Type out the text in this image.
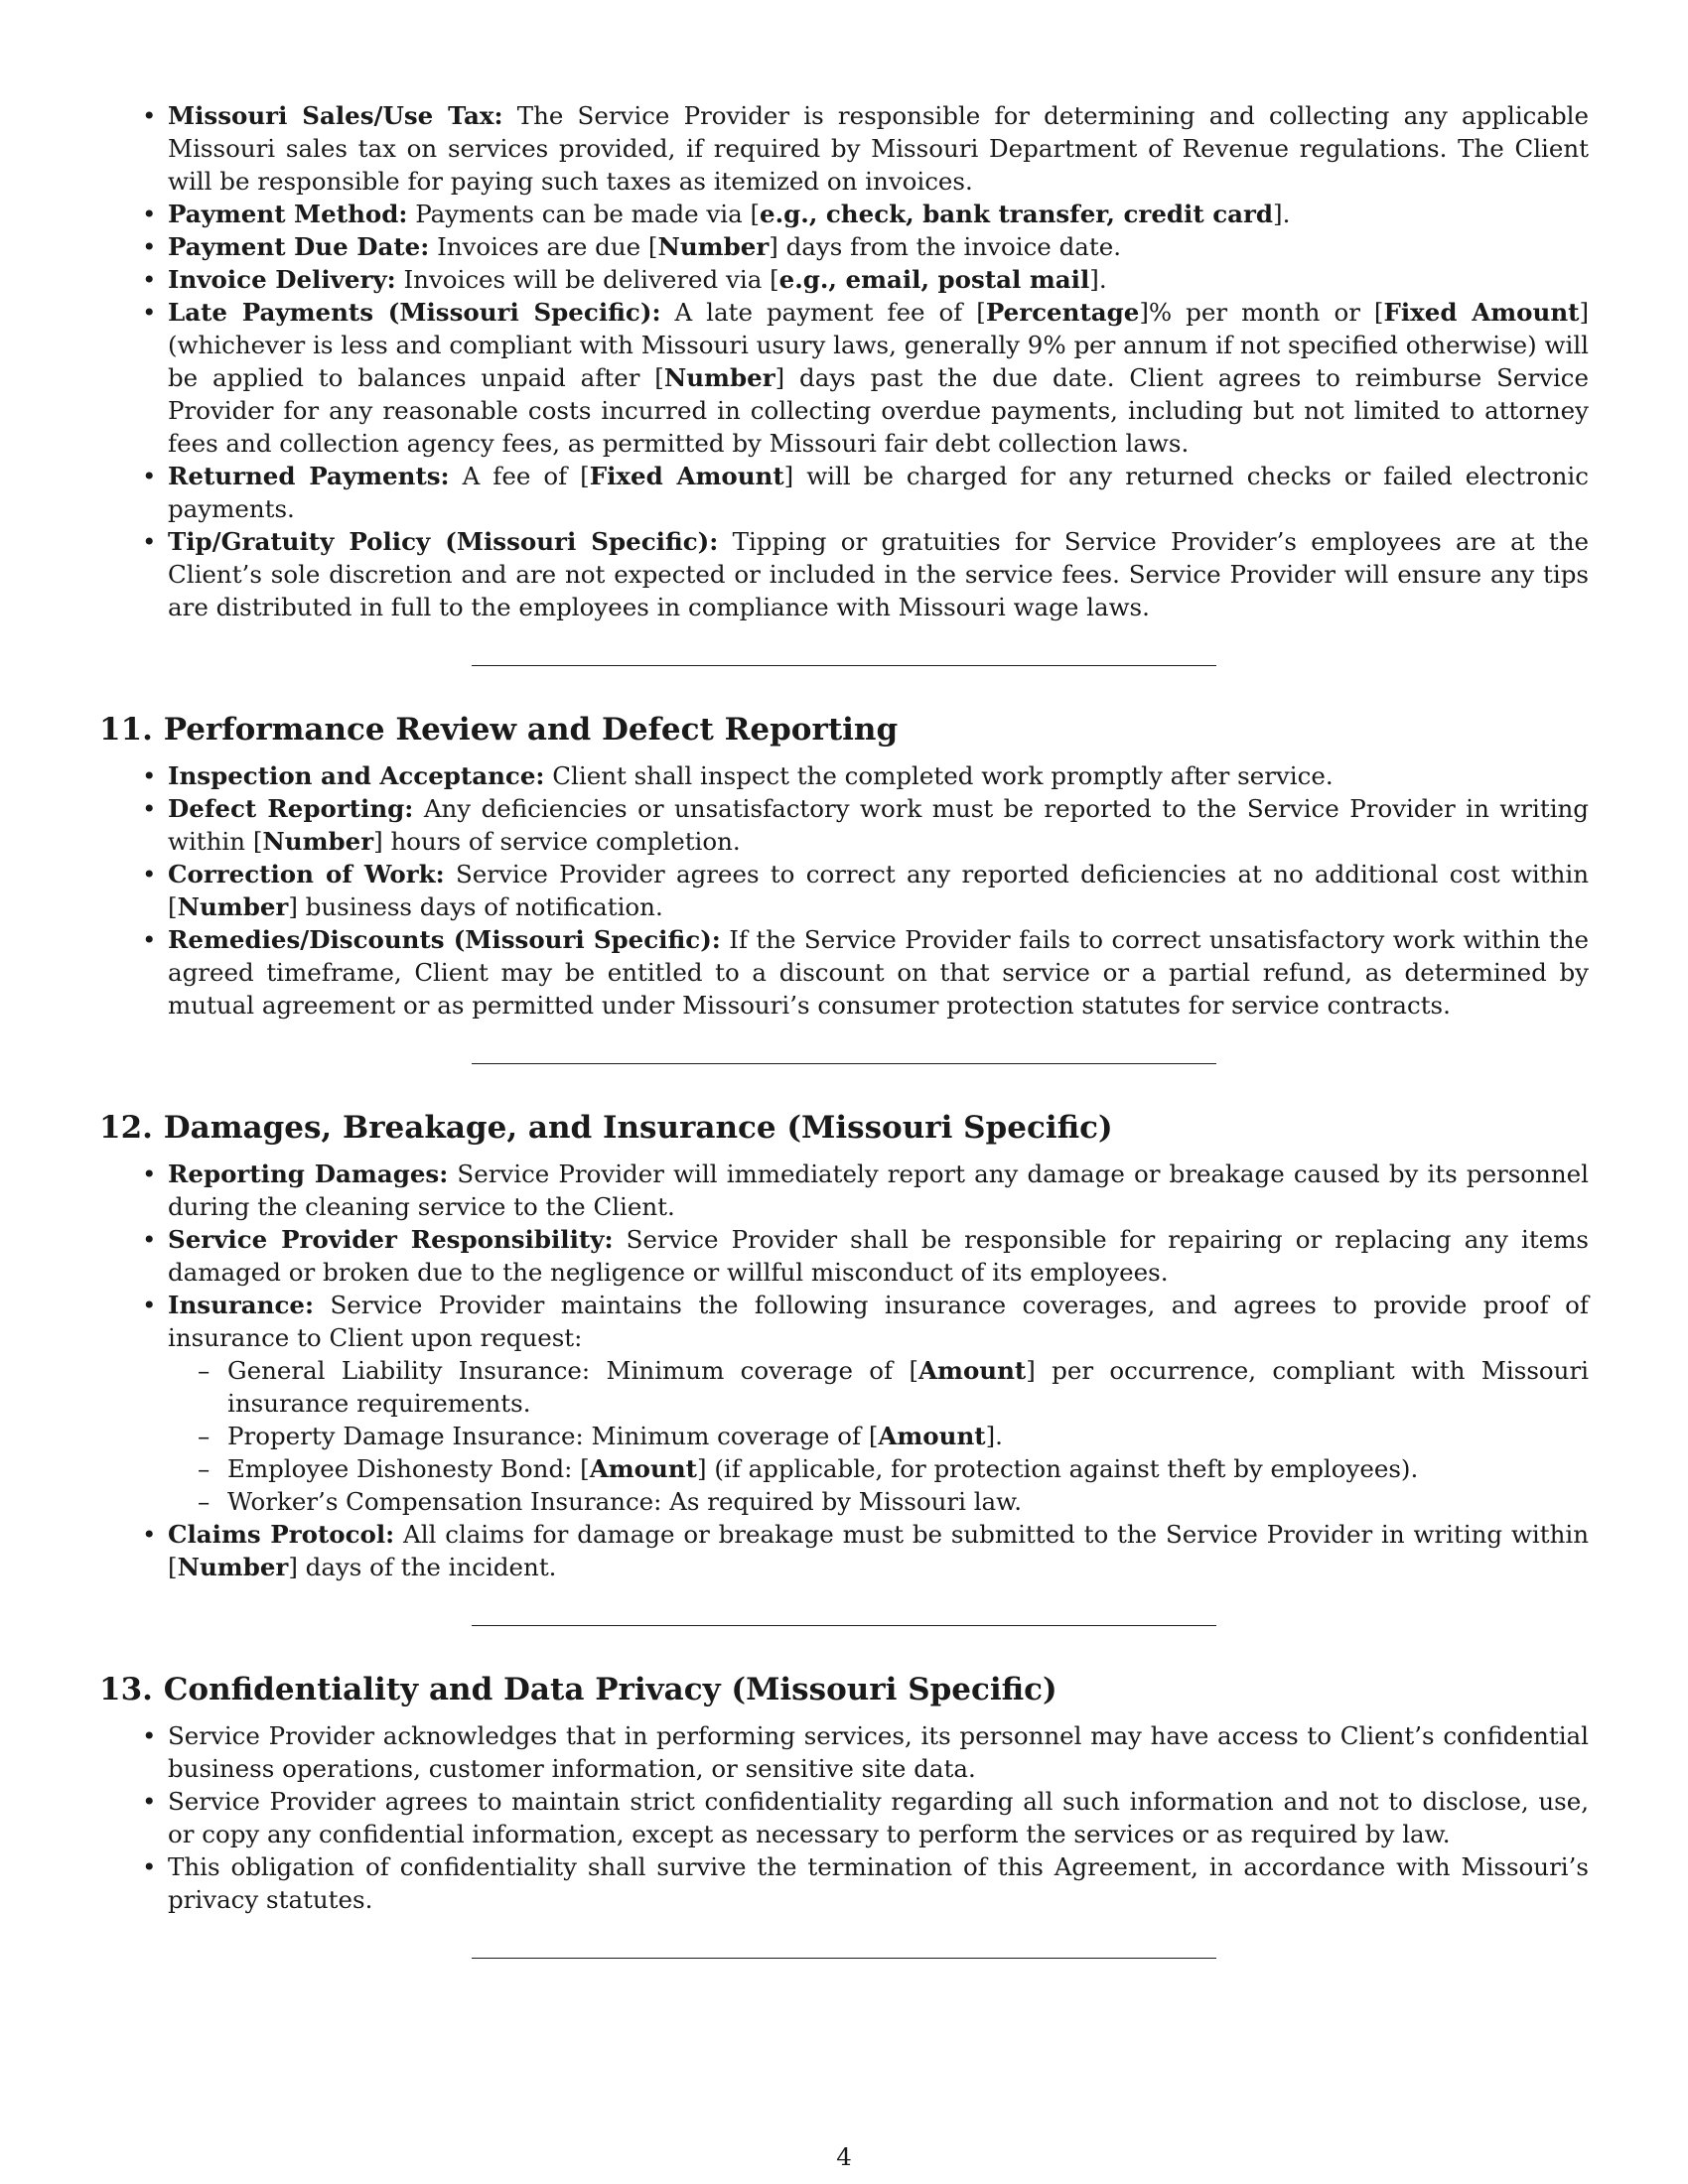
• Missouri Sales/Use Tax: The Service Provider is responsible for determining and collecting any applicable Missouri sales tax on services provided, if required by Missouri Department of Revenue regulations. The Client will be responsible for paying such taxes as itemized on invoices.
• Payment Method: Payments can be made via [e.g., check, bank transfer, credit card].
• Payment Due Date: Invoices are due [Number] days from the invoice date.
• Invoice Delivery: Invoices will be delivered via [e.g., email, postal mail].
• Late Payments (Missouri Specific): A late payment fee of [Percentage]% per month or [Fixed Amount] (whichever is less and compliant with Missouri usury laws, generally 9% per annum if not specified otherwise) will be applied to balances unpaid after [Number] days past the due date. Client agrees to reimburse Service Provider for any reasonable costs incurred in collecting overdue payments, including but not limited to attorney fees and collection agency fees, as permitted by Missouri fair debt collection laws.
• Returned Payments: A fee of [Fixed Amount] will be charged for any returned checks or failed electronic payments.
• Tip/Gratuity Policy (Missouri Specific): Tipping or gratuities for Service Provider’s employees are at the Client’s sole discretion and are not expected or included in the service fees. Service Provider will ensure any tips are distributed in full to the employees in compliance with Missouri wage laws.
11. Performance Review and Defect Reporting
• Inspection and Acceptance: Client shall inspect the completed work promptly after service.
• Defect Reporting: Any deficiencies or unsatisfactory work must be reported to the Service Provider in writing within [Number] hours of service completion.
• Correction of Work: Service Provider agrees to correct any reported deficiencies at no additional cost within [Number] business days of notification.
• Remedies/Discounts (Missouri Specific): If the Service Provider fails to correct unsatisfactory work within the agreed timeframe, Client may be entitled to a discount on that service or a partial refund, as determined by mutual agreement or as permitted under Missouri’s consumer protection statutes for service contracts.
12. Damages, Breakage, and Insurance (Missouri Specific)
• Reporting Damages: Service Provider will immediately report any damage or breakage caused by its personnel during the cleaning service to the Client.
• Service Provider Responsibility: Service Provider shall be responsible for repairing or replacing any items damaged or broken due to the negligence or willful misconduct of its employees.
• Insurance: Service Provider maintains the following insurance coverages, and agrees to provide proof of insurance to Client upon request:
– General Liability Insurance: Minimum coverage of [Amount] per occurrence, compliant with Missouri insurance requirements.
– Property Damage Insurance: Minimum coverage of [Amount].
– Employee Dishonesty Bond: [Amount] (if applicable, for protection against theft by employees).
– Worker’s Compensation Insurance: As required by Missouri law.
• Claims Protocol: All claims for damage or breakage must be submitted to the Service Provider in writing within [Number] days of the incident.
13. Confidentiality and Data Privacy (Missouri Specific)
• Service Provider acknowledges that in performing services, its personnel may have access to Client’s confidential business operations, customer information, or sensitive site data.
• Service Provider agrees to maintain strict confidentiality regarding all such information and not to disclose, use, or copy any confidential information, except as necessary to perform the services or as required by law.
• This obligation of confidentiality shall survive the termination of this Agreement, in accordance with Missouri’s privacy statutes.
4
